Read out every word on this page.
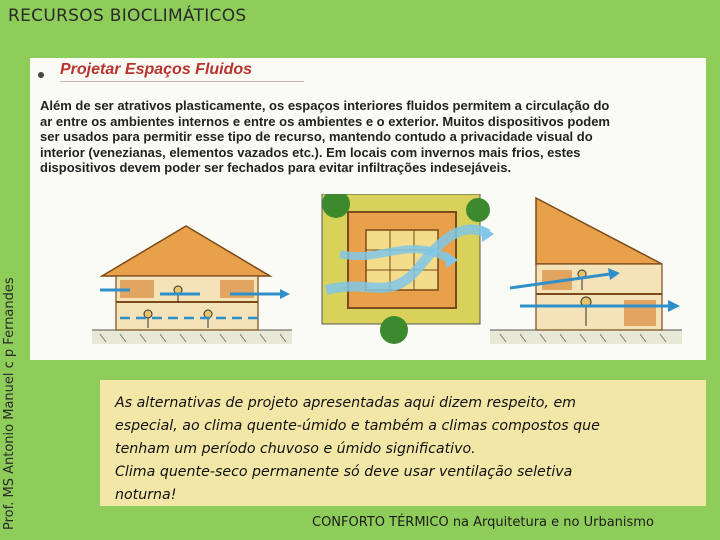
RECURSOS BIOCLIMÁTICOS
Prof. MS Antonio Manuel c p Fernandes
Projetar Espaços Fluidos
Além de ser atrativos plasticamente, os espaços interiores fluidos permitem a circulação do
ar entre os ambientes internos e entre os ambientes e o exterior. Muitos dispositivos podem
ser usados para permitir esse tipo de recurso, mantendo contudo a privacidade visual do
interior (venezianas, elementos vazados etc.). Em locais com invernos mais frios, estes
dispositivos devem poder ser fechados para evitar infiltrações indesejáveis.
As alternativas de projeto apresentadas aqui dizem respeito, em
especial, ao clima quente-úmido e também a climas compostos que
tenham um período chuvoso e úmido significativo.
Clima quente-seco permanente só deve usar ventilação seletiva
noturna!
CONFORTO TÉRMICO na Arquitetura e no Urbanismo
